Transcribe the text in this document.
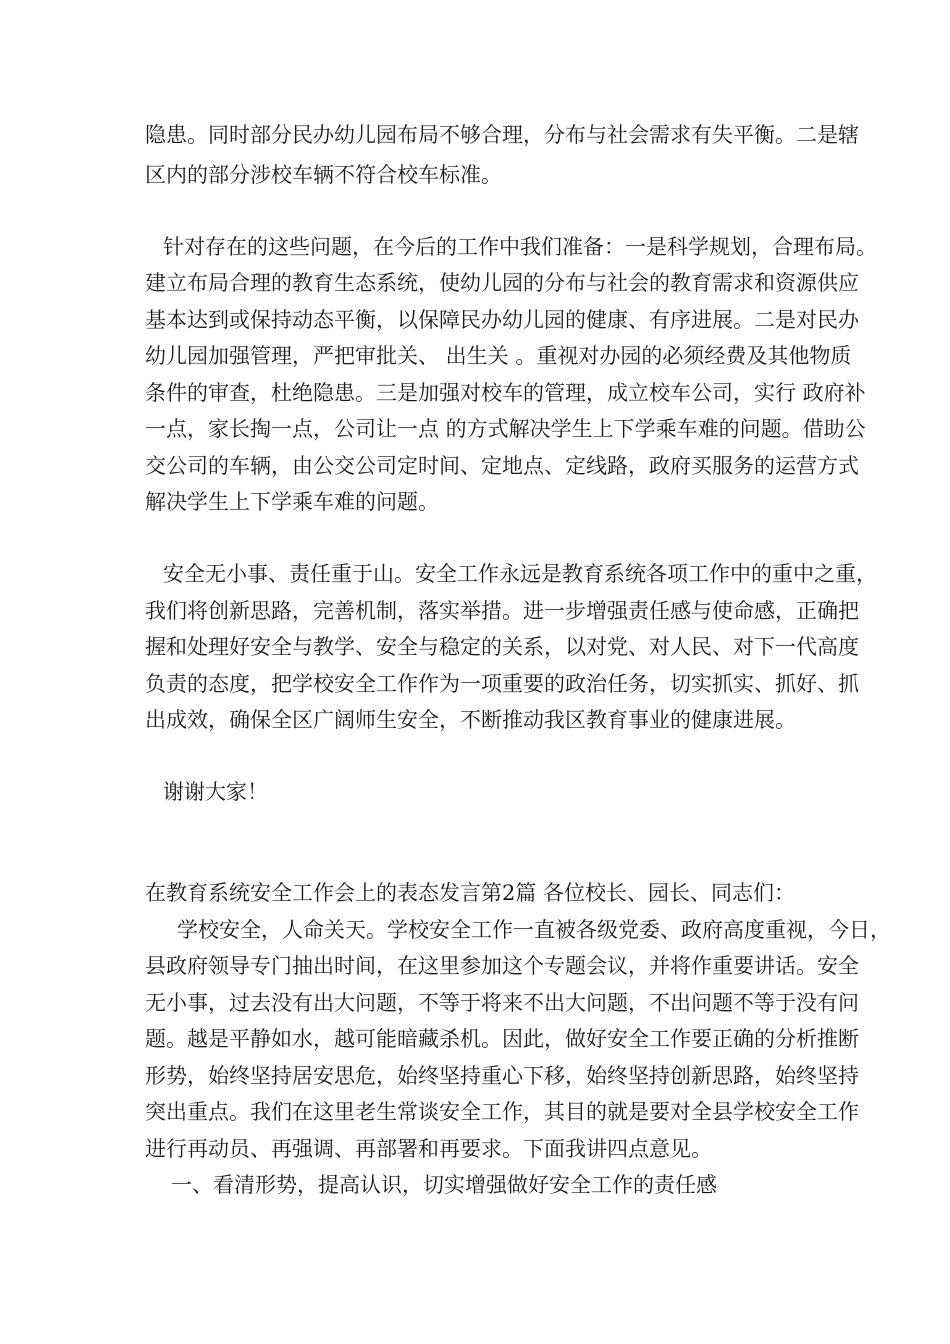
隐患。同时部分民办幼儿园布局不够合理，分布与社会需求有失平衡。二是辖
区内的部分涉校车辆不符合校车标准。
针对存在的这些问题，在今后的工作中我们准备：一是科学规划，合理布局。
建立布局合理的教育生态系统，使幼儿园的分布与社会的教育需求和资源供应
基本达到或保持动态平衡，以保障民办幼儿园的健康、有序进展。二是对民办
幼儿园加强管理，严把审批关、 出生关 。重视对办园的必须经费及其他物质
条件的审查，杜绝隐患。三是加强对校车的管理，成立校车公司，实行 政府补
一点，家长掏一点，公司让一点 的方式解决学生上下学乘车难的问题。借助公
交公司的车辆，由公交公司定时间、定地点、定线路，政府买服务的运营方式
解决学生上下学乘车难的问题。
安全无小事、责任重于山。安全工作永远是教育系统各项工作中的重中之重，
我们将创新思路，完善机制，落实举措。进一步增强责任感与使命感，正确把
握和处理好安全与教学、安全与稳定的关系，以对党、对人民、对下一代高度
负责的态度，把学校安全工作作为一项重要的政治任务，切实抓实、抓好、抓
出成效，确保全区广阔师生安全，不断推动我区教育事业的健康进展。
谢谢大家！
在教育系统安全工作会上的表态发言第2篇 各位校长、园长、同志们：
学校安全，人命关天。学校安全工作一直被各级党委、政府高度重视，今日，
县政府领导专门抽出时间，在这里参加这个专题会议，并将作重要讲话。安全
无小事，过去没有出大问题，不等于将来不出大问题，不出问题不等于没有问
题。越是平静如水，越可能暗藏杀机。因此，做好安全工作要正确的分析推断
形势，始终坚持居安思危，始终坚持重心下移，始终坚持创新思路，始终坚持
突出重点。我们在这里老生常谈安全工作，其目的就是要对全县学校安全工作
进行再动员、再强调、再部署和再要求。下面我讲四点意见。
一、看清形势，提高认识，切实增强做好安全工作的责任感
